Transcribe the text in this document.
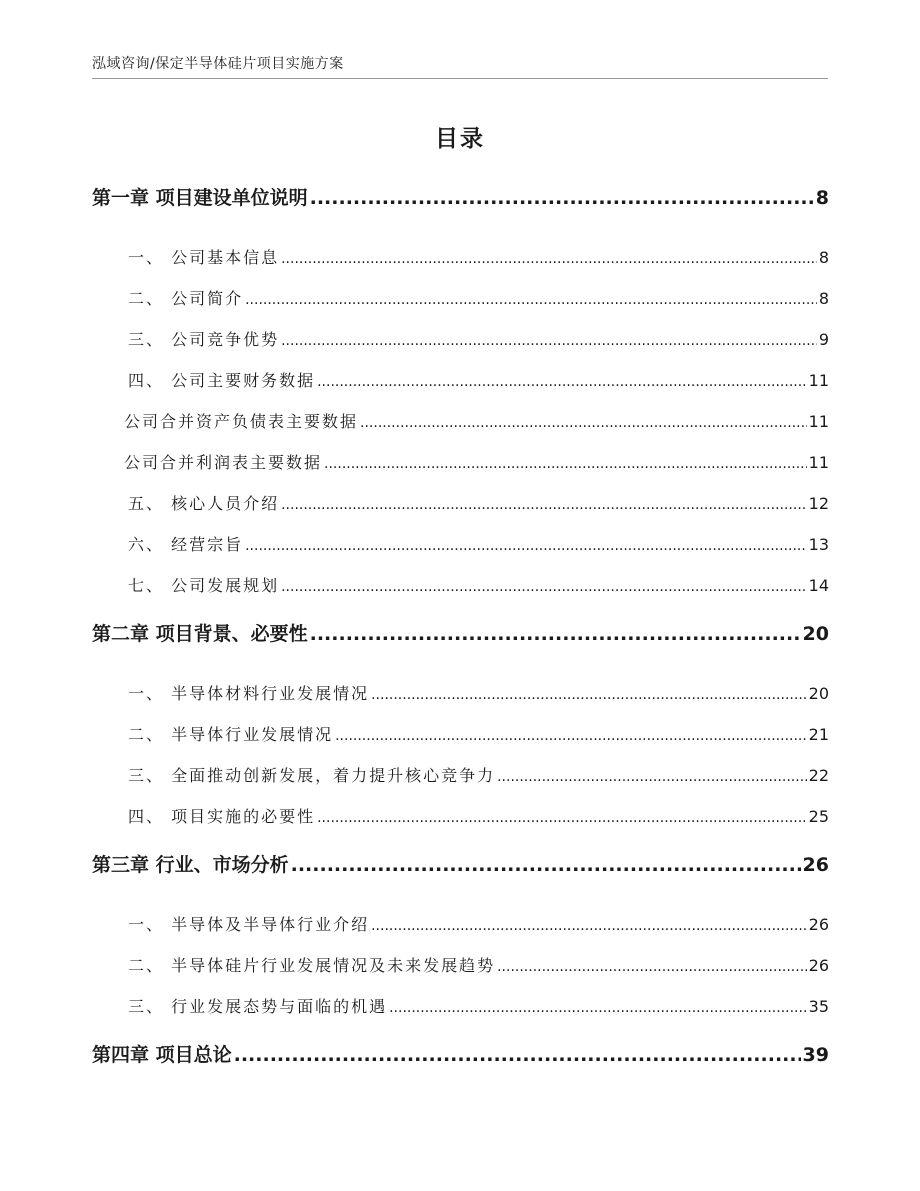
泓域咨询/保定半导体硅片项目实施方案
目录
第一章 项目建设单位说明 .....	8
一、 公司基本信息 .....	8
二、 公司简介 .....	8
三、 公司竞争优势 .....	9
四、 公司主要财务数据 .....	11
公司合并资产负债表主要数据 .....	11
公司合并利润表主要数据 .....	11
五、 核心人员介绍 .....	12
六、 经营宗旨 .....	13
七、 公司发展规划 .....	14
第二章 项目背景、必要性 .....	20
一、 半导体材料行业发展情况 .....	20
二、 半导体行业发展情况 .....	21
三、 全面推动创新发展，着力提升核心竞争力 .....	22
四、 项目实施的必要性 .....	25
第三章 行业、市场分析 .....	26
一、 半导体及半导体行业介绍 .....	26
二、 半导体硅片行业发展情况及未来发展趋势 .....	26
三、 行业发展态势与面临的机遇 .....	35
第四章 项目总论 .....	39
